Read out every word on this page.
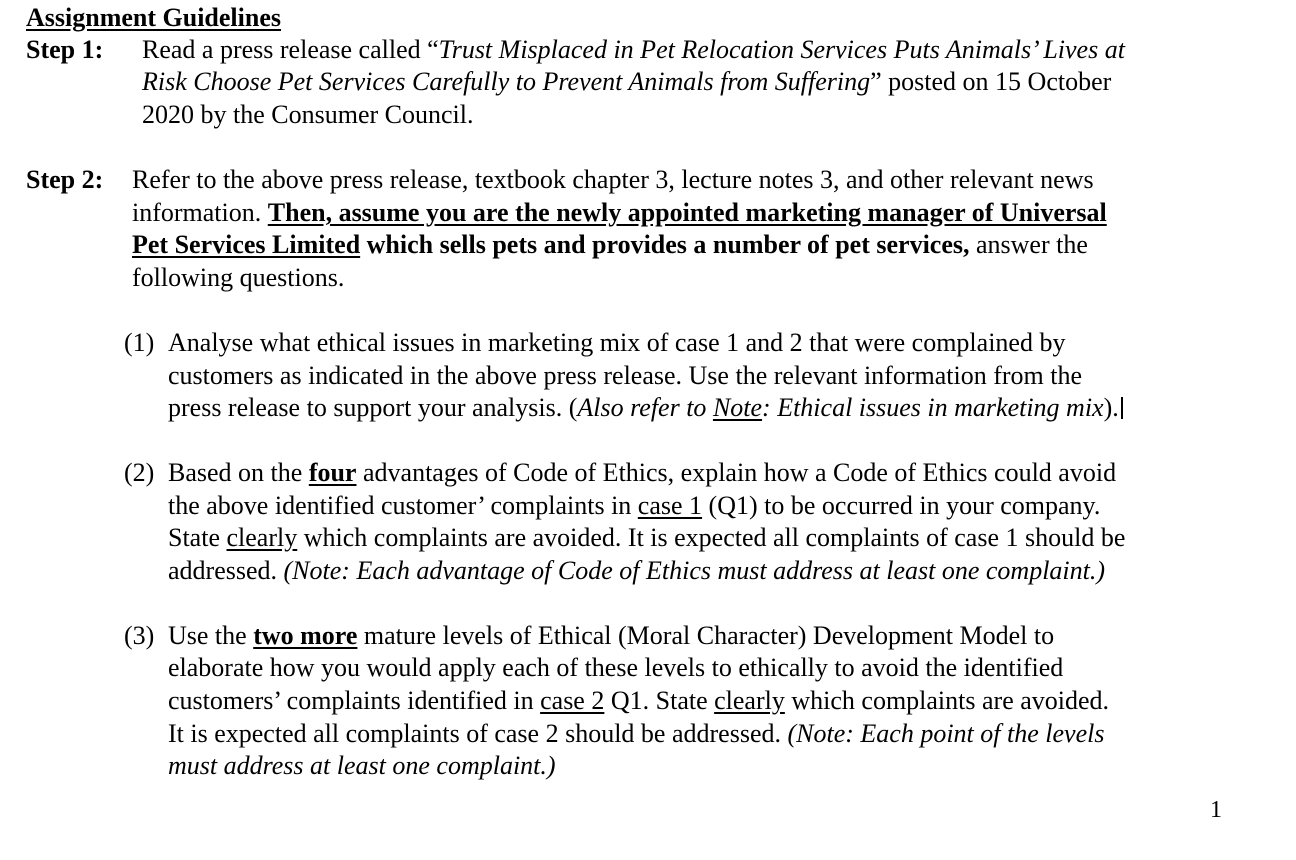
Assignment Guidelines
Step 1: Read a press release called “Trust Misplaced in Pet Relocation Services Puts Animals’ Lives at
Risk Choose Pet Services Carefully to Prevent Animals from Suffering” posted on 15 October
2020 by the Consumer Council.
Step 2: Refer to the above press release, textbook chapter 3, lecture notes 3, and other relevant news
information. Then, assume you are the newly appointed marketing manager of Universal
Pet Services Limited which sells pets and provides a number of pet services, answer the
following questions.
(1) Analyse what ethical issues in marketing mix of case 1 and 2 that were complained by
customers as indicated in the above press release. Use the relevant information from the
press release to support your analysis. (Also refer to Note: Ethical issues in marketing mix).
(2) Based on the four advantages of Code of Ethics, explain how a Code of Ethics could avoid
the above identified customer’ complaints in case 1 (Q1) to be occurred in your company.
State clearly which complaints are avoided. It is expected all complaints of case 1 should be
addressed. (Note: Each advantage of Code of Ethics must address at least one complaint.)
(3) Use the two more mature levels of Ethical (Moral Character) Development Model to
elaborate how you would apply each of these levels to ethically to avoid the identified
customers’ complaints identified in case 2 Q1. State clearly which complaints are avoided.
It is expected all complaints of case 2 should be addressed. (Note: Each point of the levels
must address at least one complaint.)
1
